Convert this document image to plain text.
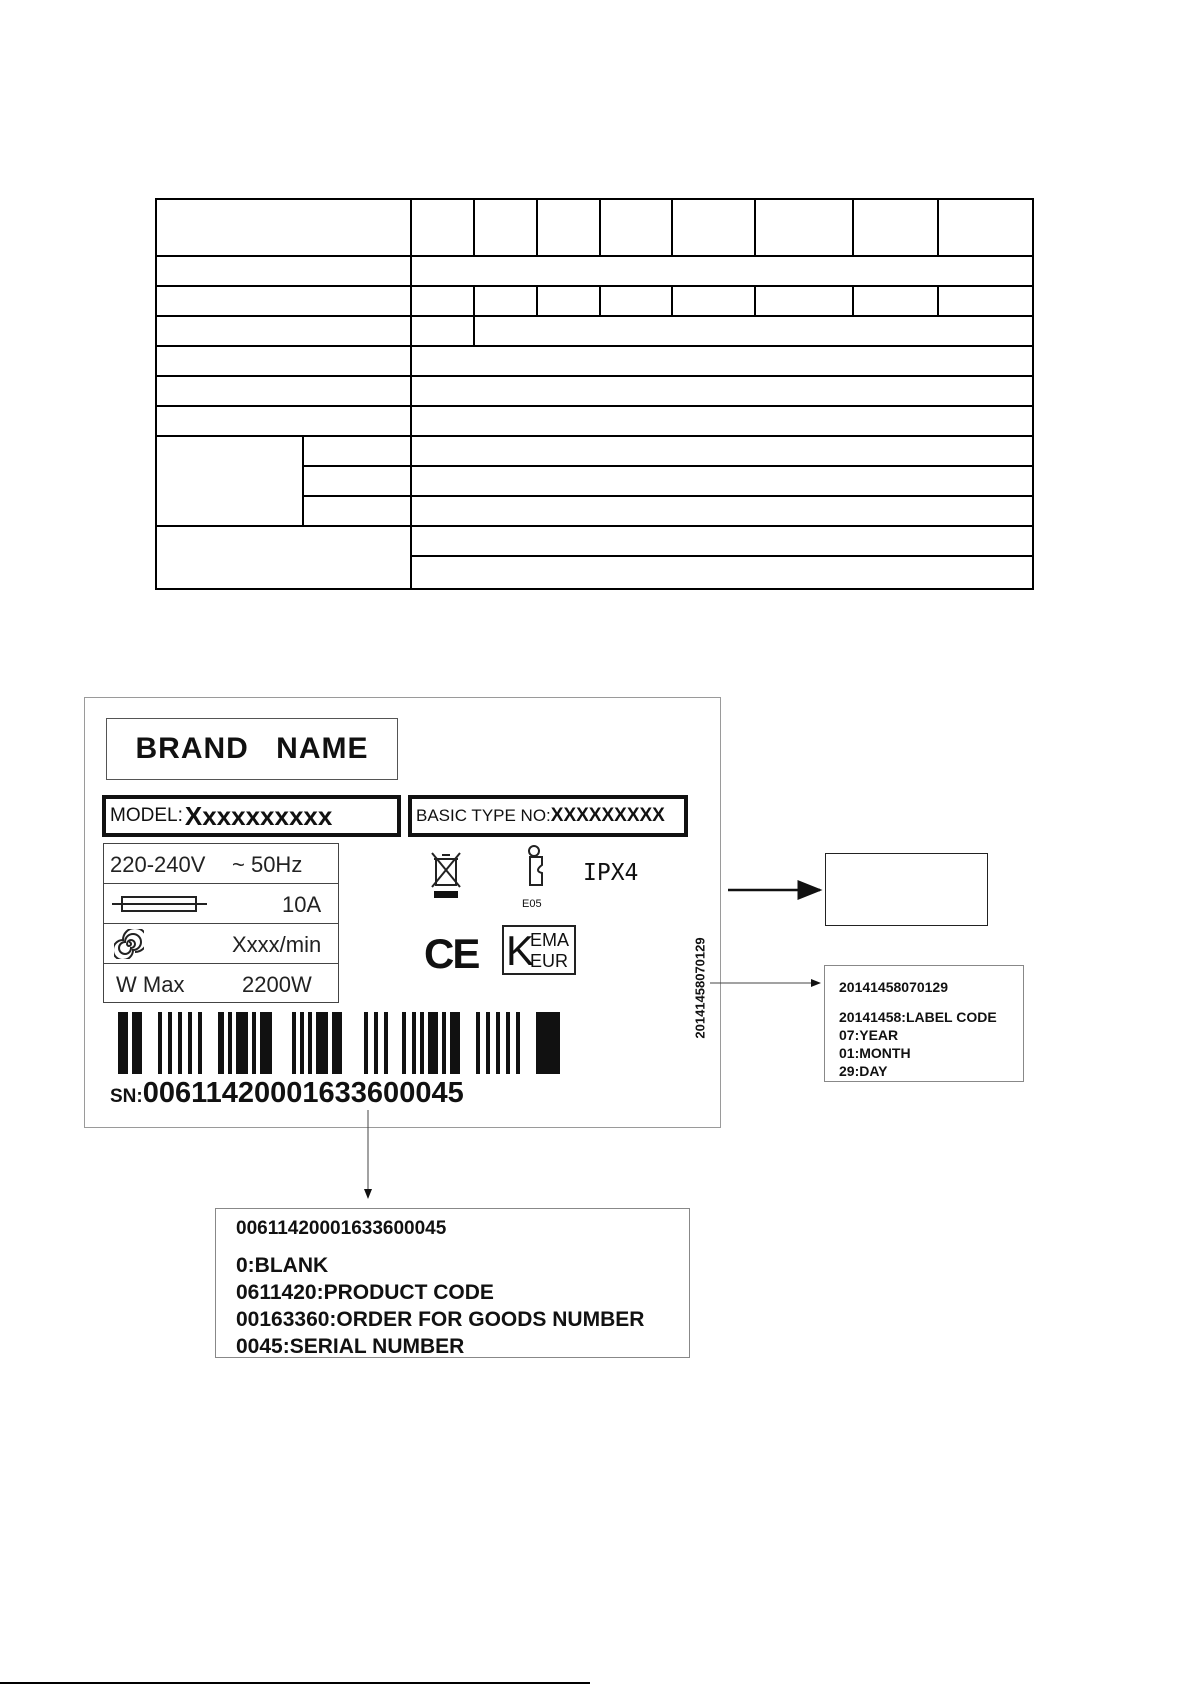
BRAND NAME
MODEL: Xxxxxxxxxx	BASIC TYPE NO: XXXXXXXXX
220-240V ~ 50Hz
10A
Xxxx/min
W Max	2200W
E05
IPX4
CE K
EMA
EUR	20141458070129
SN:00611420001633600045
20141458070129
20141458:LABEL CODE
07:YEAR
01:MONTH
29:DAY
00611420001633600045
0:BLANK
0611420:PRODUCT CODE
00163360:ORDER FOR GOODS NUMBER
0045:SERIAL NUMBER
